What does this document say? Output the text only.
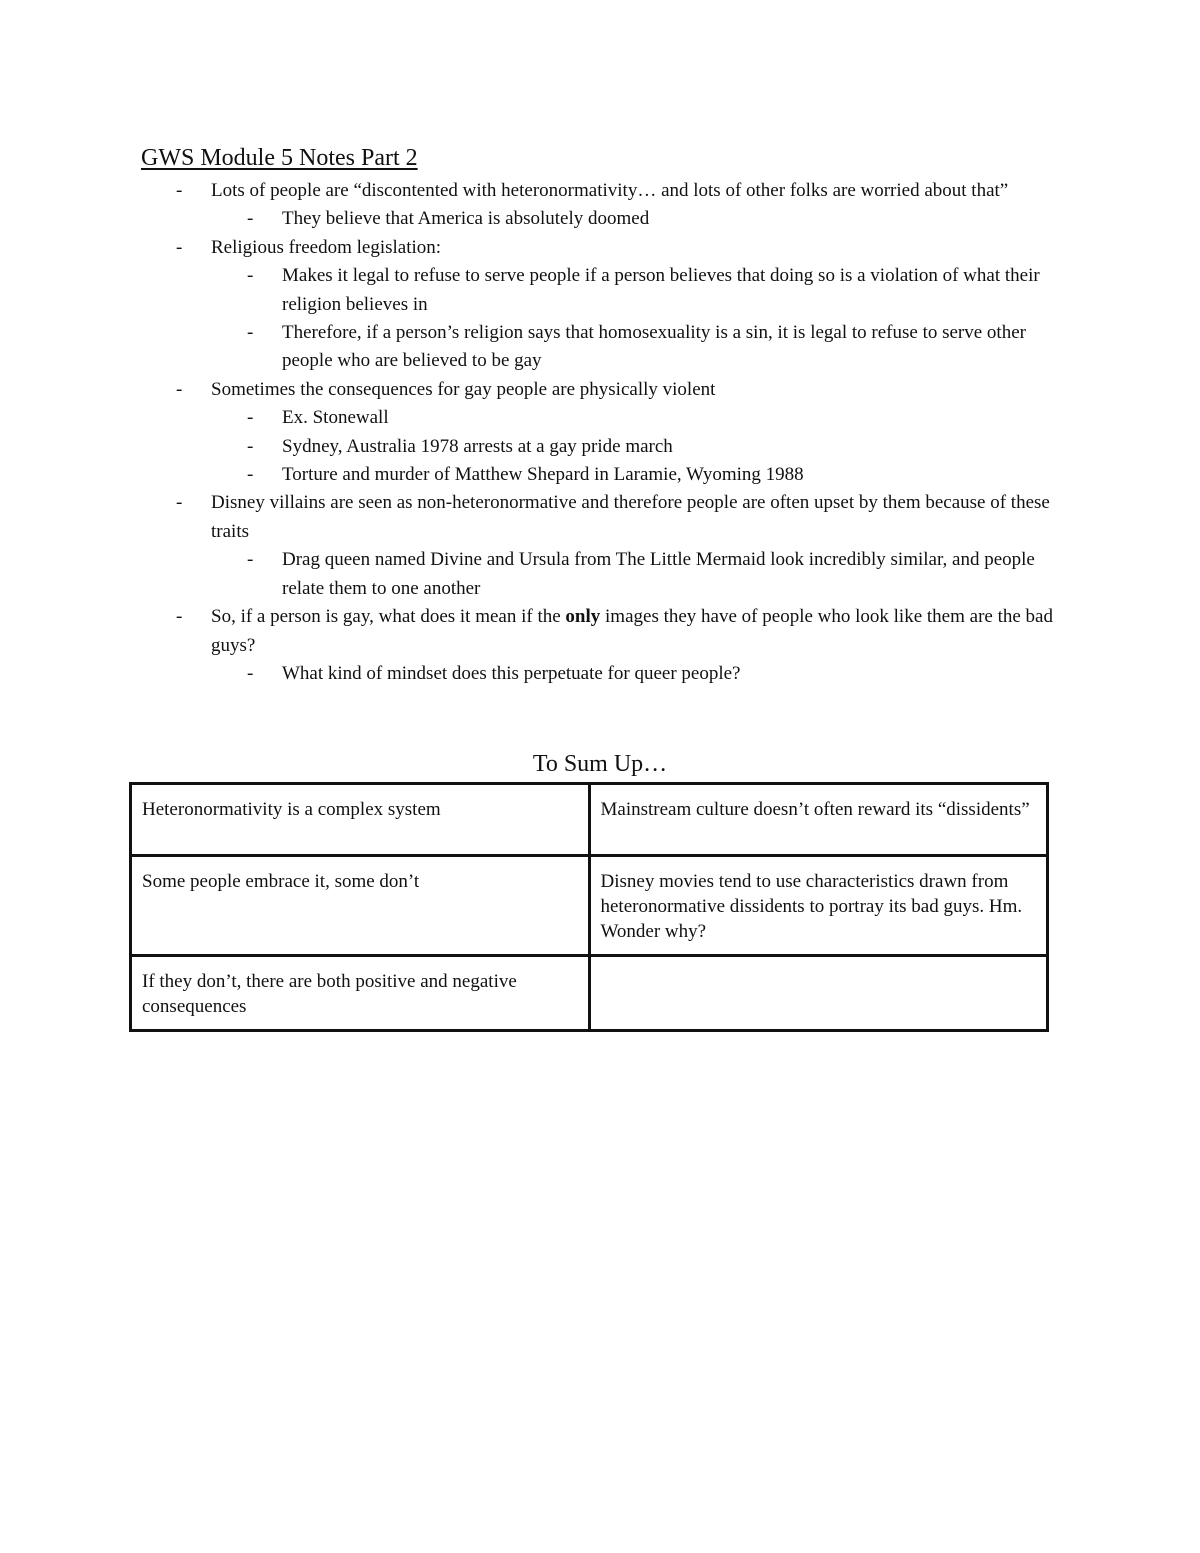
GWS Module 5 Notes Part 2
- Lots of people are “discontented with heteronormativity… and lots of other folks are worried about that”
- They believe that America is absolutely doomed
- Religious freedom legislation:
- Makes it legal to refuse to serve people if a person believes that doing so is a violation of what their religion believes in
- Therefore, if a person’s religion says that homosexuality is a sin, it is legal to refuse to serve other people who are believed to be gay
- Sometimes the consequences for gay people are physically violent
- Ex. Stonewall
- Sydney, Australia 1978 arrests at a gay pride march
- Torture and murder of Matthew Shepard in Laramie, Wyoming 1988
- Disney villains are seen as non-heteronormative and therefore people are often upset by them because of these traits
- Drag queen named Divine and Ursula from The Little Mermaid look incredibly similar, and people relate them to one another
- So, if a person is gay, what does it mean if the only images they have of people who look like them are the bad guys?
- What kind of mindset does this perpetuate for queer people?
To Sum Up…
Heteronormativity is a complex system	Mainstream culture doesn’t often reward its “dissidents”
Some people embrace it, some don’t	Disney movies tend to use characteristics drawn from heteronormative dissidents to portray its bad guys. Hm. Wonder why?
If they don’t, there are both positive and negative consequences	
